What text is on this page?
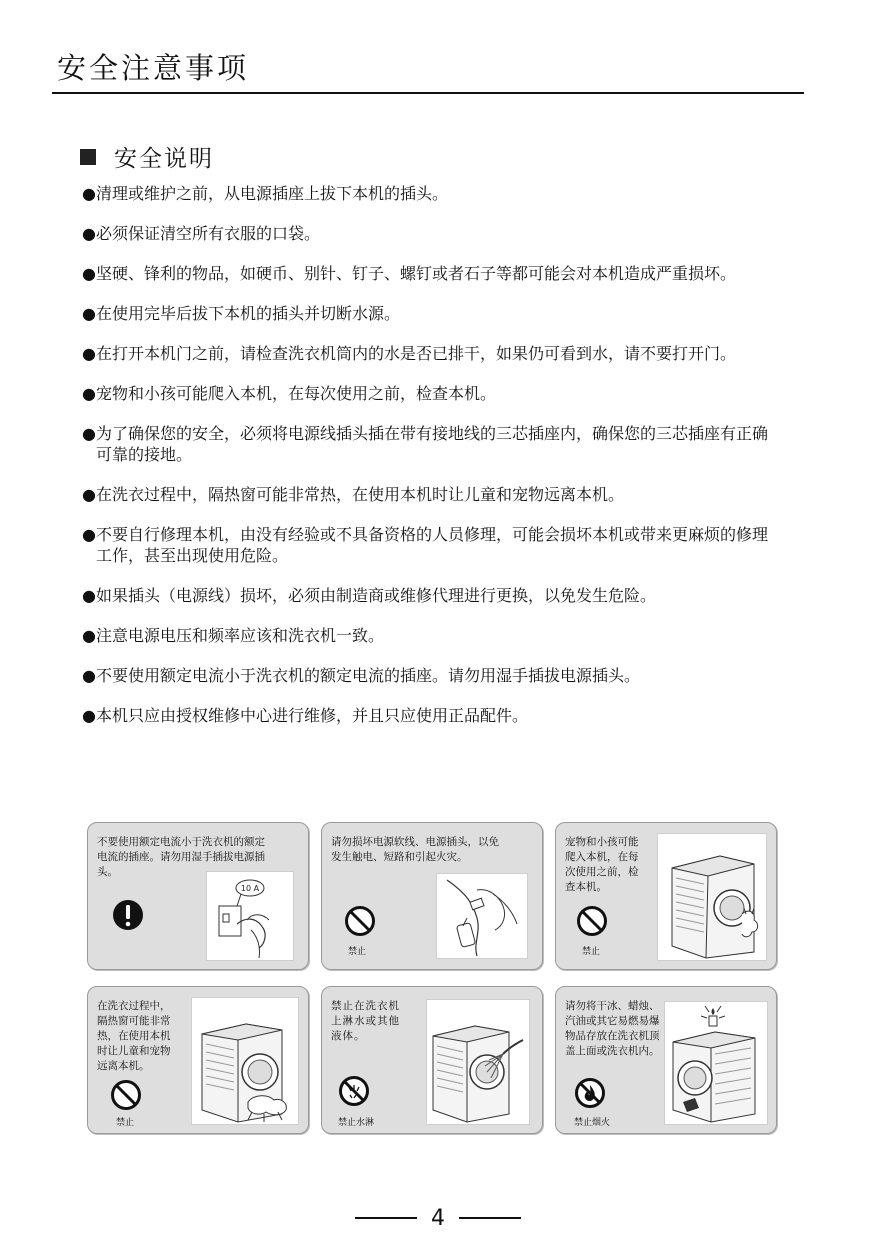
安全注意事项
安全说明
● 清理或维护之前，从电源插座上拔下本机的插头。
● 必须保证清空所有衣服的口袋。
● 坚硬、锋利的物品，如硬币、别针、钉子、螺钉或者石子等都可能会对本机造成严重损坏。
● 在使用完毕后拔下本机的插头并切断水源。
● 在打开本机门之前，请检查洗衣机筒内的水是否已排干，如果仍可看到水，请不要打开门。
● 宠物和小孩可能爬入本机，在每次使用之前，检查本机。
● 为了确保您的安全，必须将电源线插头插在带有接地线的三芯插座内，确保您的三芯插座有正确可靠的接地。
● 在洗衣过程中，隔热窗可能非常热，在使用本机时让儿童和宠物远离本机。
● 不要自行修理本机，由没有经验或不具备资格的人员修理，可能会损坏本机或带来更麻烦的修理工作，甚至出现使用危险。
● 如果插头（电源线）损坏，必须由制造商或维修代理进行更换，以免发生危险。
● 注意电源电压和频率应该和洗衣机一致。
● 不要使用额定电流小于洗衣机的额定电流的插座。请勿用湿手插拔电源插头。
● 本机只应由授权维修中心进行维修，并且只应使用正品配件。
不要使用额定电流小于洗衣机的额定
电流的插座。请勿用湿手插拔电源插
头。
10 A
请勿损坏电源软线、电源插头，以免
发生触电、短路和引起火灾。
禁止
宠物和小孩可能
爬入本机，在每
次使用之前，检
查本机。
禁止
在洗衣过程中，
隔热窗可能非常
热，在使用本机
时让儿童和宠物
远离本机。
禁止
禁止在洗衣机
上淋水或其他
液体。
禁止水淋
请勿将干冰、蜡烛、
汽油或其它易燃易爆
物品存放在洗衣机顶
盖上面或洗衣机内。
禁止烟火
4
